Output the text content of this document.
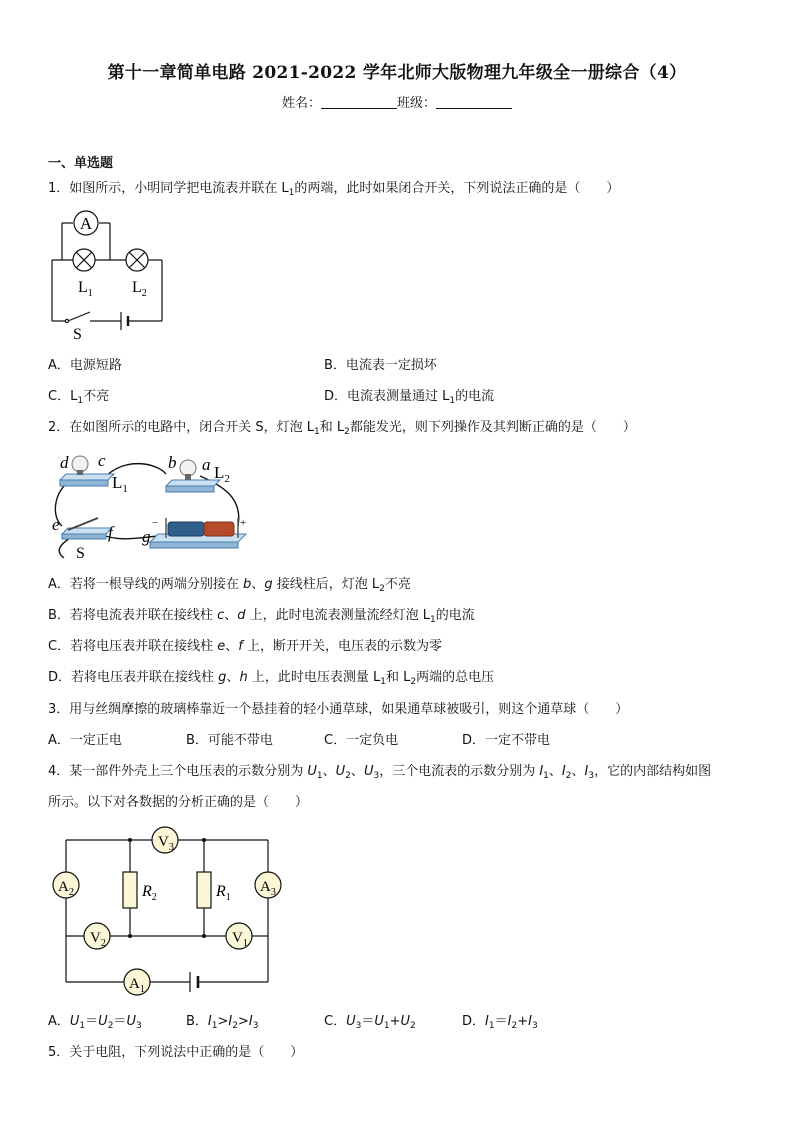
第十一章简单电路 2021-2022 学年北师大版物理九年级全一册综合（4）
姓名：	班级：
一、单选题
1．如图所示，小明同学把电流表并联在 $L_1$的两端，此时如果闭合开关，下列说法正确的是（　　）
A
$L_1$ $L_2$
S
A．电源短路	B．电流表一定损坏
C．$L_1$不亮	D．电流表测量通过 $L_1$的电流
2．在如图所示的电路中，闭合开关 S，灯泡 $L_1$和 $L_2$都能发光，则下列操作及其判断正确的是（　　）
d c
$L_1$
b a $L_2$
e	f g
S
−	+
A．若将一根导线的两端分别接在 b、g 接线柱后，灯泡 $L_2$不亮
B．若将电流表并联在接线柱 c、d 上，此时电流表测量流经灯泡 $L_1$的电流
C．若将电压表并联在接线柱 e、f 上，断开开关，电压表的示数为零
D．若将电压表并联在接线柱 g、h 上，此时电压表测量 $L_1$和 $L_2$两端的总电压
3．用与丝绸摩擦的玻璃棒靠近一个悬挂着的轻小通草球，如果通草球被吸引，则这个通草球（　　）
A．一定正电	B．可能不带电	C．一定负电	D．一定不带电
4．某一部件外壳上三个电压表的示数分别为 $U_1$、$U_2$、$U_3$，三个电流表的示数分别为 $I_1$、$I_2$、$I_3$，它的内部结构如图
所示。以下对各数据的分析正确的是（　　）
$V_3$
$A_2$	$A_3$
$V_2$	$V_1$
$A_1$
$R_2$	$R_1$
A．$U_1=U_2=U_3$	B．$I_1>I_2>I_3$	C．$U_3=U_1+U_2$	D．$I_1=I_2+I_3$
5．关于电阻，下列说法中正确的是（　　）
